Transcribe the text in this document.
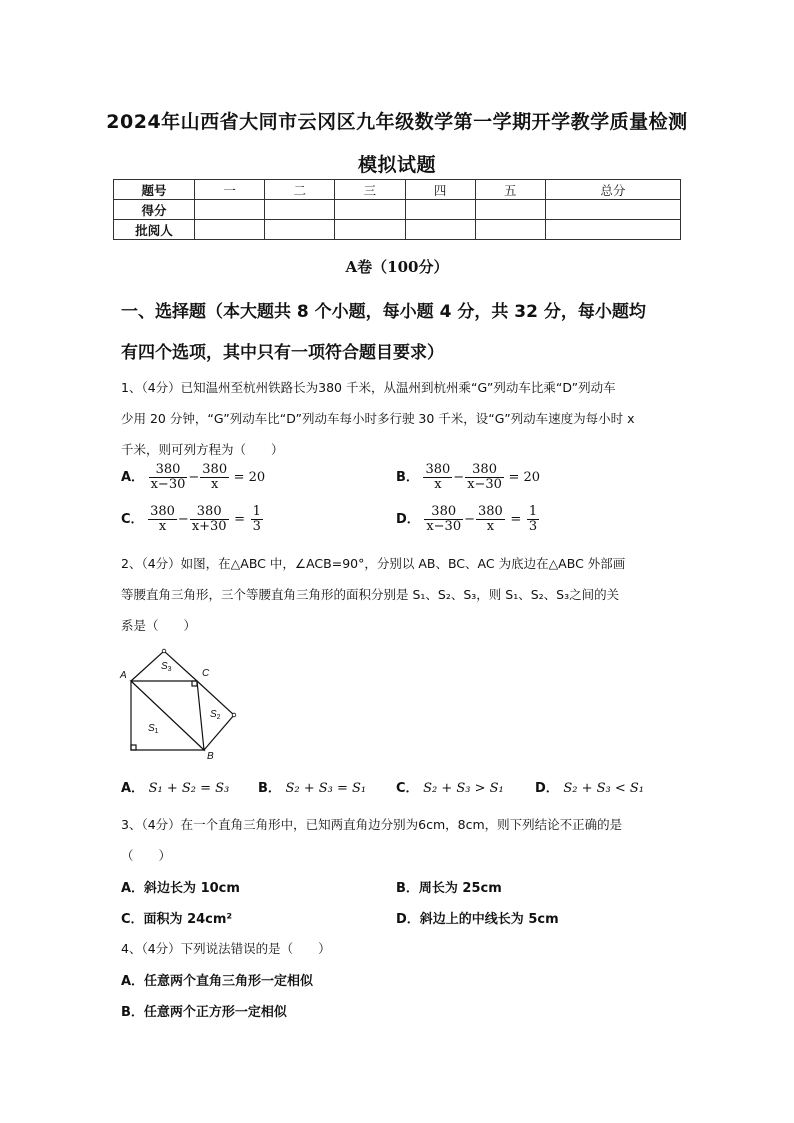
2024年山西省大同市云冈区九年级数学第一学期开学教学质量检测
模拟试题
题号	一	二	三	四	五	总分
得分						
批阅人						
A卷（100分）
一、选择题（本大题共 8 个小题，每小题 4 分，共 32 分，每小题均
有四个选项，其中只有一项符合题目要求）
1、（4分）已知温州至杭州铁路长为380 千米，从温州到杭州乘“G”列动车比乘“D”列动车
少用 20 分钟，“G”列动车比“D”列动车每小时多行驶 30 千米，设“G”列动车速度为每小时 x
千米，则可列方程为（　　）
A． $\frac{380}{x-30} - \frac{380}{x} = 20$	B． $\frac{380}{x} - \frac{380}{x-30} = 20$
C． $\frac{380}{x} - \frac{380}{x+30} = \frac{1}{3}$	D． $\frac{380}{x-30} - \frac{380}{x} = \frac{1}{3}$
2、（4分）如图，在△ABC 中，∠ACB=90°，分别以 AB、BC、AC 为底边在△ABC 外部画
等腰直角三角形，三个等腰直角三角形的面积分别是 S₁、S₂、S₃，则 S₁、S₂、S₃之间的关
系是（　　）
A	C
B
$S_1$
$S_2$
$S_3$
A． S₁ + S₂ = S₃ B． S₂ + S₃ = S₁ C． S₂ + S₃ > S₁ D． S₂ + S₃ < S₁
3、（4分）在一个直角三角形中，已知两直角边分别为6cm，8cm，则下列结论不正确的是
（　　）
A．斜边长为 10cm	B．周长为 25cm
C．面积为 24cm²	D．斜边上的中线长为 5cm
4、（4分）下列说法错误的是（　　）
A．任意两个直角三角形一定相似
B．任意两个正方形一定相似
